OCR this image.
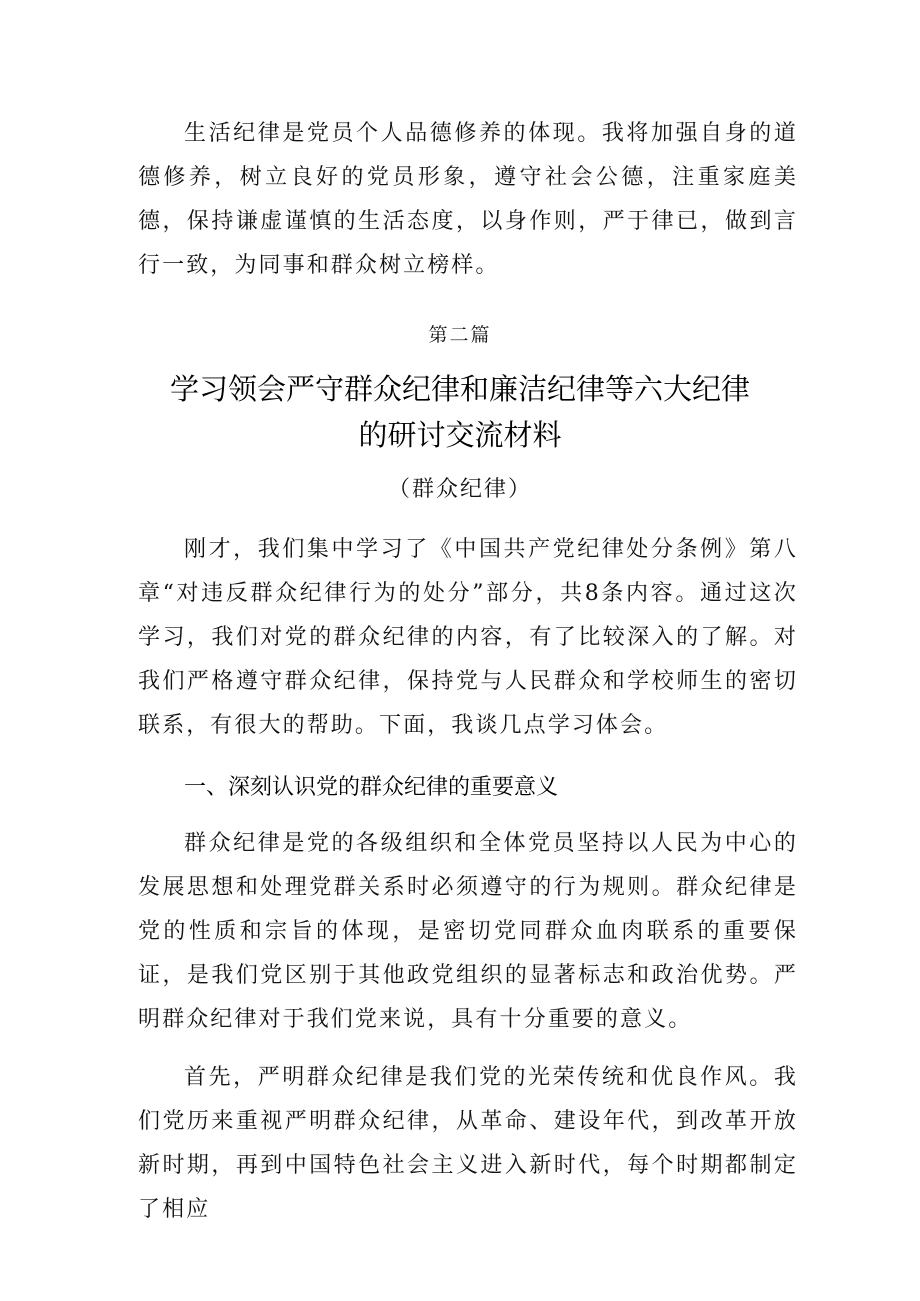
生活纪律是党员个人品德修养的体现。我将加强自身的道德修养，树立良好的党员形象，遵守社会公德，注重家庭美德，保持谦虚谨慎的生活态度，以身作则，严于律已，做到言行一致，为同事和群众树立榜样。

第二篇
学习领会严守群众纪律和廉洁纪律等六大纪律
的研讨交流材料
（群众纪律）

刚才，我们集中学习了《中国共产党纪律处分条例》第八章“对违反群众纪律行为的处分”部分，共8条内容。通过这次学习，我们对党的群众纪律的内容，有了比较深入的了解。对我们严格遵守群众纪律，保持党与人民群众和学校师生的密切联系，有很大的帮助。下面，我谈几点学习体会。

一、深刻认识党的群众纪律的重要意义

群众纪律是党的各级组织和全体党员坚持以人民为中心的发展思想和处理党群关系时必须遵守的行为规则。群众纪律是党的性质和宗旨的体现，是密切党同群众血肉联系的重要保证，是我们党区别于其他政党组织的显著标志和政治优势。严明群众纪律对于我们党来说，具有十分重要的意义。

首先，严明群众纪律是我们党的光荣传统和优良作风。我们党历来重视严明群众纪律，从革命、建设年代，到改革开放新时期，再到中国特色社会主义进入新时代，每个时期都制定了相应
